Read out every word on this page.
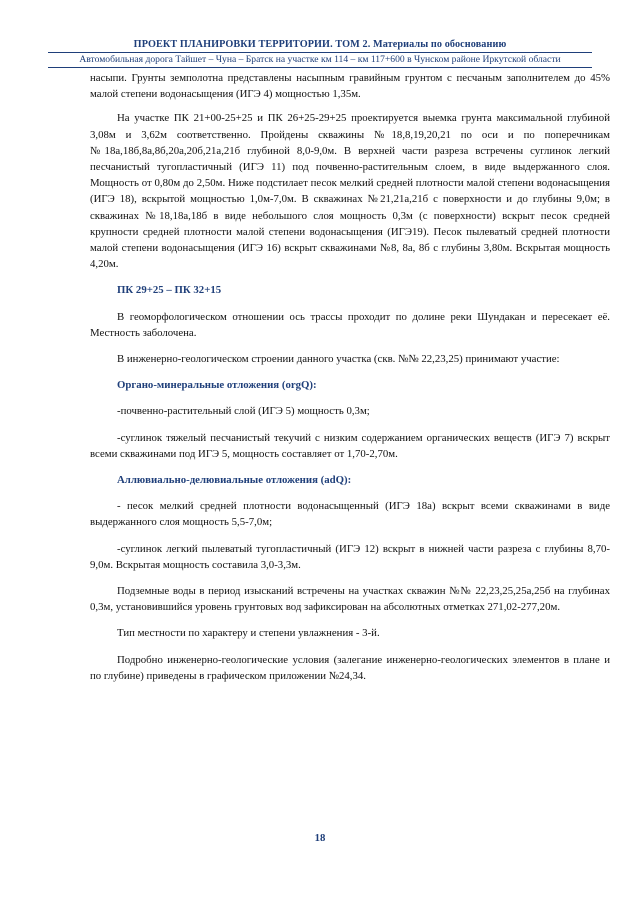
ПРОЕКТ ПЛАНИРОВКИ ТЕРРИТОРИИ. ТОМ 2. Материалы по обоснованию

Автомобильная дорога Тайшет – Чуна – Братск на участке км 114 – км 117+600 в Чунском районе Иркутской области

насыпи. Грунты земполотна представлены насыпным гравийным грунтом с песчаным заполнителем до 45% малой степени водонасыщения (ИГЭ 4) мощностью 1,35м.

На участке ПК 21+00-25+25 и ПК 26+25-29+25 проектируется выемка грунта максимальной глубиной 3,08м и 3,62м соответственно. Пройдены скважины №18,8,19,20,21 по оси и по поперечникам №18а,18б,8а,8б,20а,20б,21а,21б глубиной 8,0-9,0м. В верхней части разреза встречены суглинок легкий песчанистый тугопластичный (ИГЭ 11) под почвенно-растительным слоем, в виде выдержанного слоя. Мощность от 0,80м до 2,50м. Ниже подстилает песок мелкий средней плотности малой степени водонасыщения (ИГЭ 18), вскрытой мощностью 1,0м-7,0м. В скважинах №21,21а,21б с поверхности и до глубины 9,0м; в скважинах №18,18а,18б в виде небольшого слоя мощность 0,3м (с поверхности) вскрыт песок средней крупности средней плотности малой степени водонасыщения (ИГЭ19). Песок пылеватый средней плотности малой степени водонасыщения (ИГЭ 16) вскрыт скважинами №8, 8а, 8б с глубины 3,80м. Вскрытая мощность 4,20м.

ПК 29+25 – ПК 32+15

В геоморфологическом отношении ось трассы проходит по долине реки Шундакан и пересекает её. Местность заболочена.

В инженерно-геологическом строении данного участка (скв. №№ 22,23,25) принимают участие:

Органо-минеральные отложения (orgQ):

-почвенно-растительный слой (ИГЭ 5) мощность 0,3м;

-суглинок тяжелый песчанистый текучий с низким содержанием органических веществ (ИГЭ 7) вскрыт всеми скважинами под ИГЭ 5, мощность составляет от 1,70-2,70м.

Аллювиально-делювиальные отложения (adQ):

- песок мелкий средней плотности водонасыщенный (ИГЭ 18а) вскрыт всеми скважинами в виде выдержанного слоя мощность 5,5-7,0м;

-суглинок легкий пылеватый тугопластичный (ИГЭ 12) вскрыт в нижней части разреза с глубины 8,70-9,0м. Вскрытая мощность составила 3,0-3,3м.

Подземные воды в период изысканий встречены на участках скважин №№ 22,23,25,25а,25б на глубинах 0,3м, установившийся уровень грунтовых вод зафиксирован на абсолютных отметках 271,02-277,20м.

Тип местности по характеру и степени увлажнения - 3-й.

Подробно инженерно-геологические условия (залегание инженерно-геологических элементов в плане и по глубине) приведены в графическом приложении №24,34.

18
